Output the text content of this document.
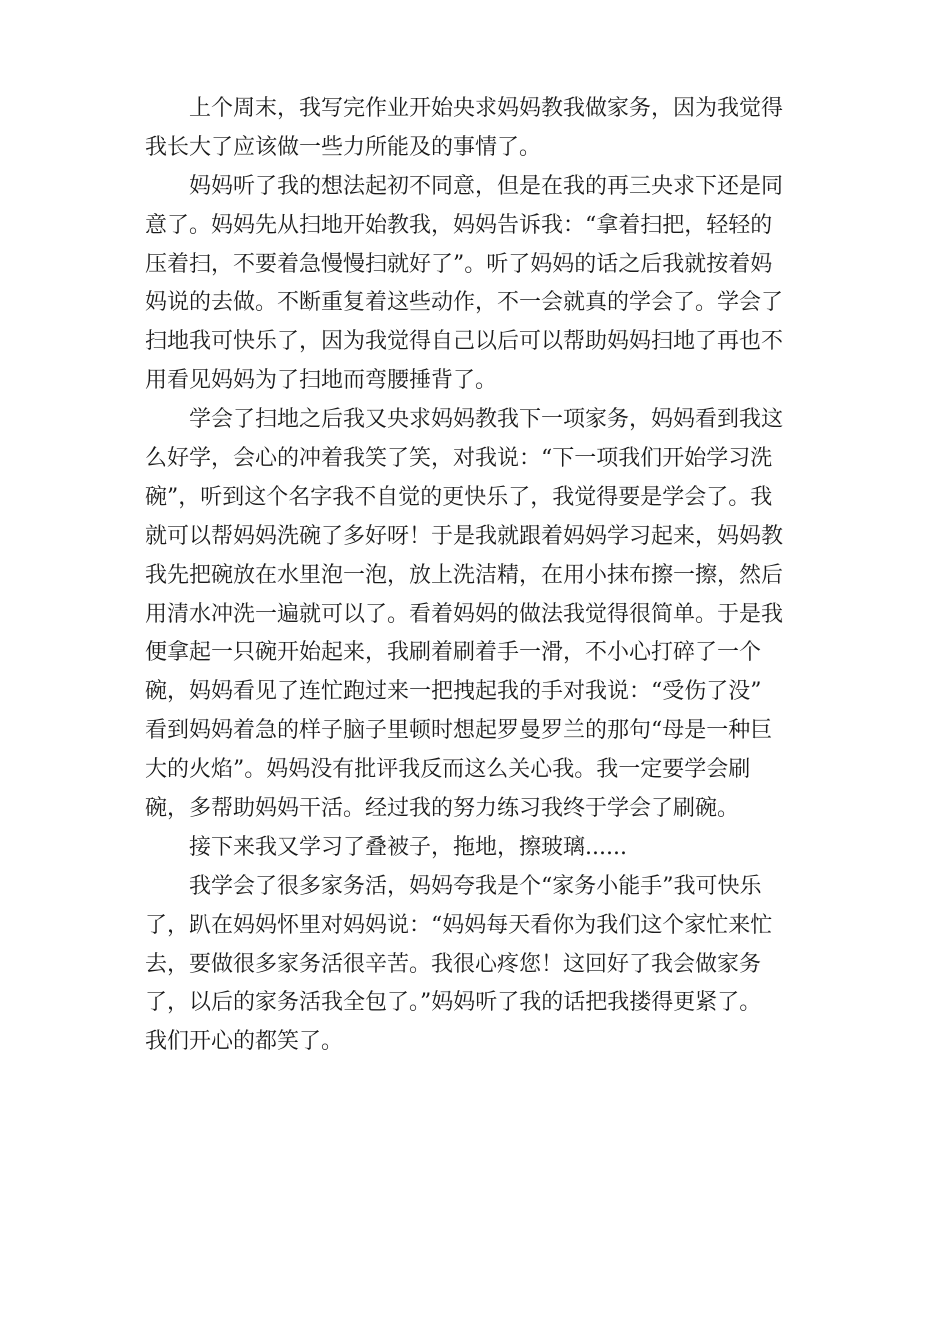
上个周末，我写完作业开始央求妈妈教我做家务，因为我觉得
我长大了应该做一些力所能及的事情了。
妈妈听了我的想法起初不同意，但是在我的再三央求下还是同
意了。妈妈先从扫地开始教我，妈妈告诉我：“拿着扫把，轻轻的
压着扫，不要着急慢慢扫就好了”。听了妈妈的话之后我就按着妈
妈说的去做。不断重复着这些动作，不一会就真的学会了。学会了
扫地我可快乐了，因为我觉得自己以后可以帮助妈妈扫地了再也不
用看见妈妈为了扫地而弯腰捶背了。
学会了扫地之后我又央求妈妈教我下一项家务，妈妈看到我这
么好学，会心的冲着我笑了笑，对我说：“下一项我们开始学习洗
碗”，听到这个名字我不自觉的更快乐了，我觉得要是学会了。我
就可以帮妈妈洗碗了多好呀！于是我就跟着妈妈学习起来，妈妈教
我先把碗放在水里泡一泡，放上洗洁精，在用小抹布擦一擦，然后
用清水冲洗一遍就可以了。看着妈妈的做法我觉得很简单。于是我
便拿起一只碗开始起来，我刷着刷着手一滑，不小心打碎了一个
碗，妈妈看见了连忙跑过来一把拽起我的手对我说：“受伤了没”
看到妈妈着急的样子脑子里顿时想起罗曼罗兰的那句“母是一种巨
大的火焰”。妈妈没有批评我反而这么关心我。我一定要学会刷
碗，多帮助妈妈干活。经过我的努力练习我终于学会了刷碗。
接下来我又学习了叠被子，拖地，擦玻璃......
我学会了很多家务活，妈妈夸我是个“家务小能手”我可快乐
了，趴在妈妈怀里对妈妈说：“妈妈每天看你为我们这个家忙来忙
去，要做很多家务活很辛苦。我很心疼您！这回好了我会做家务
了，以后的家务活我全包了。”妈妈听了我的话把我搂得更紧了。
我们开心的都笑了。
